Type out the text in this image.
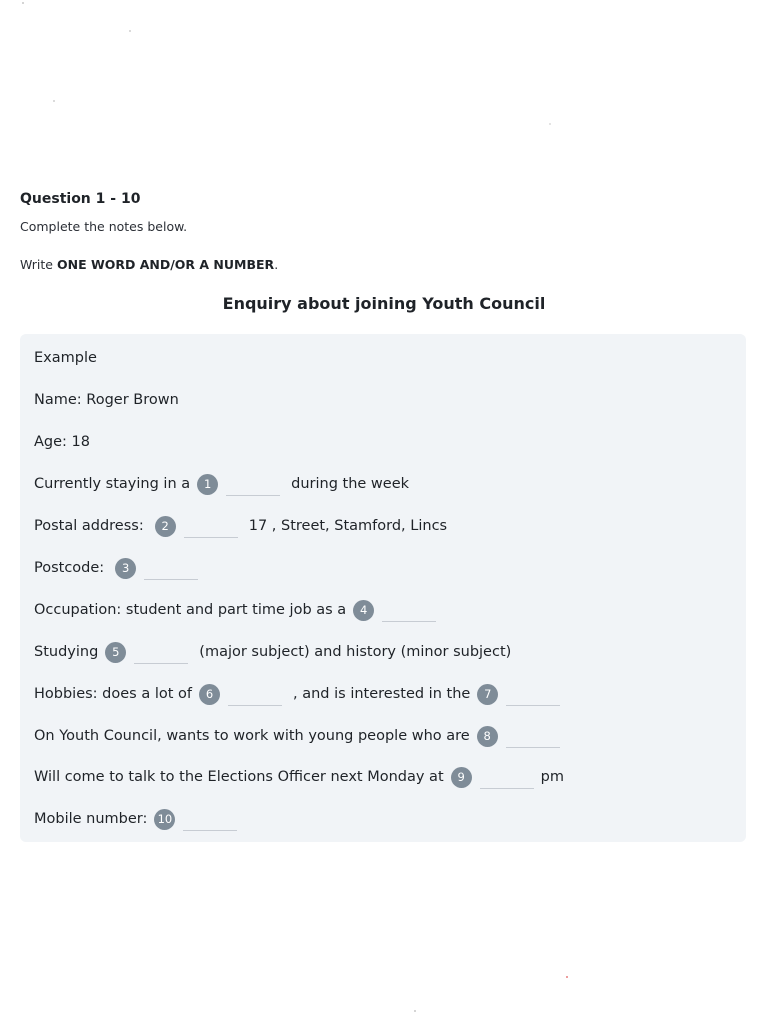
Question 1 - 10

Complete the notes below.

Write ONE WORD AND/OR A NUMBER.

Enquiry about joining Youth Council
Example
Name: Roger Brown
Age: 18
Currently staying in a	1	during the week
Postal address:	2	17 , Street, Stamford, Lincs
Postcode:	3
Occupation: student and part time job as a	4
Studying	5	(major subject) and history (minor subject)
Hobbies: does a lot of	6	, and is interested in the	7
On Youth Council, wants to work with young people who are	8
Will come to talk to the Elections Officer next Monday at	9	pm
Mobile number: 10
